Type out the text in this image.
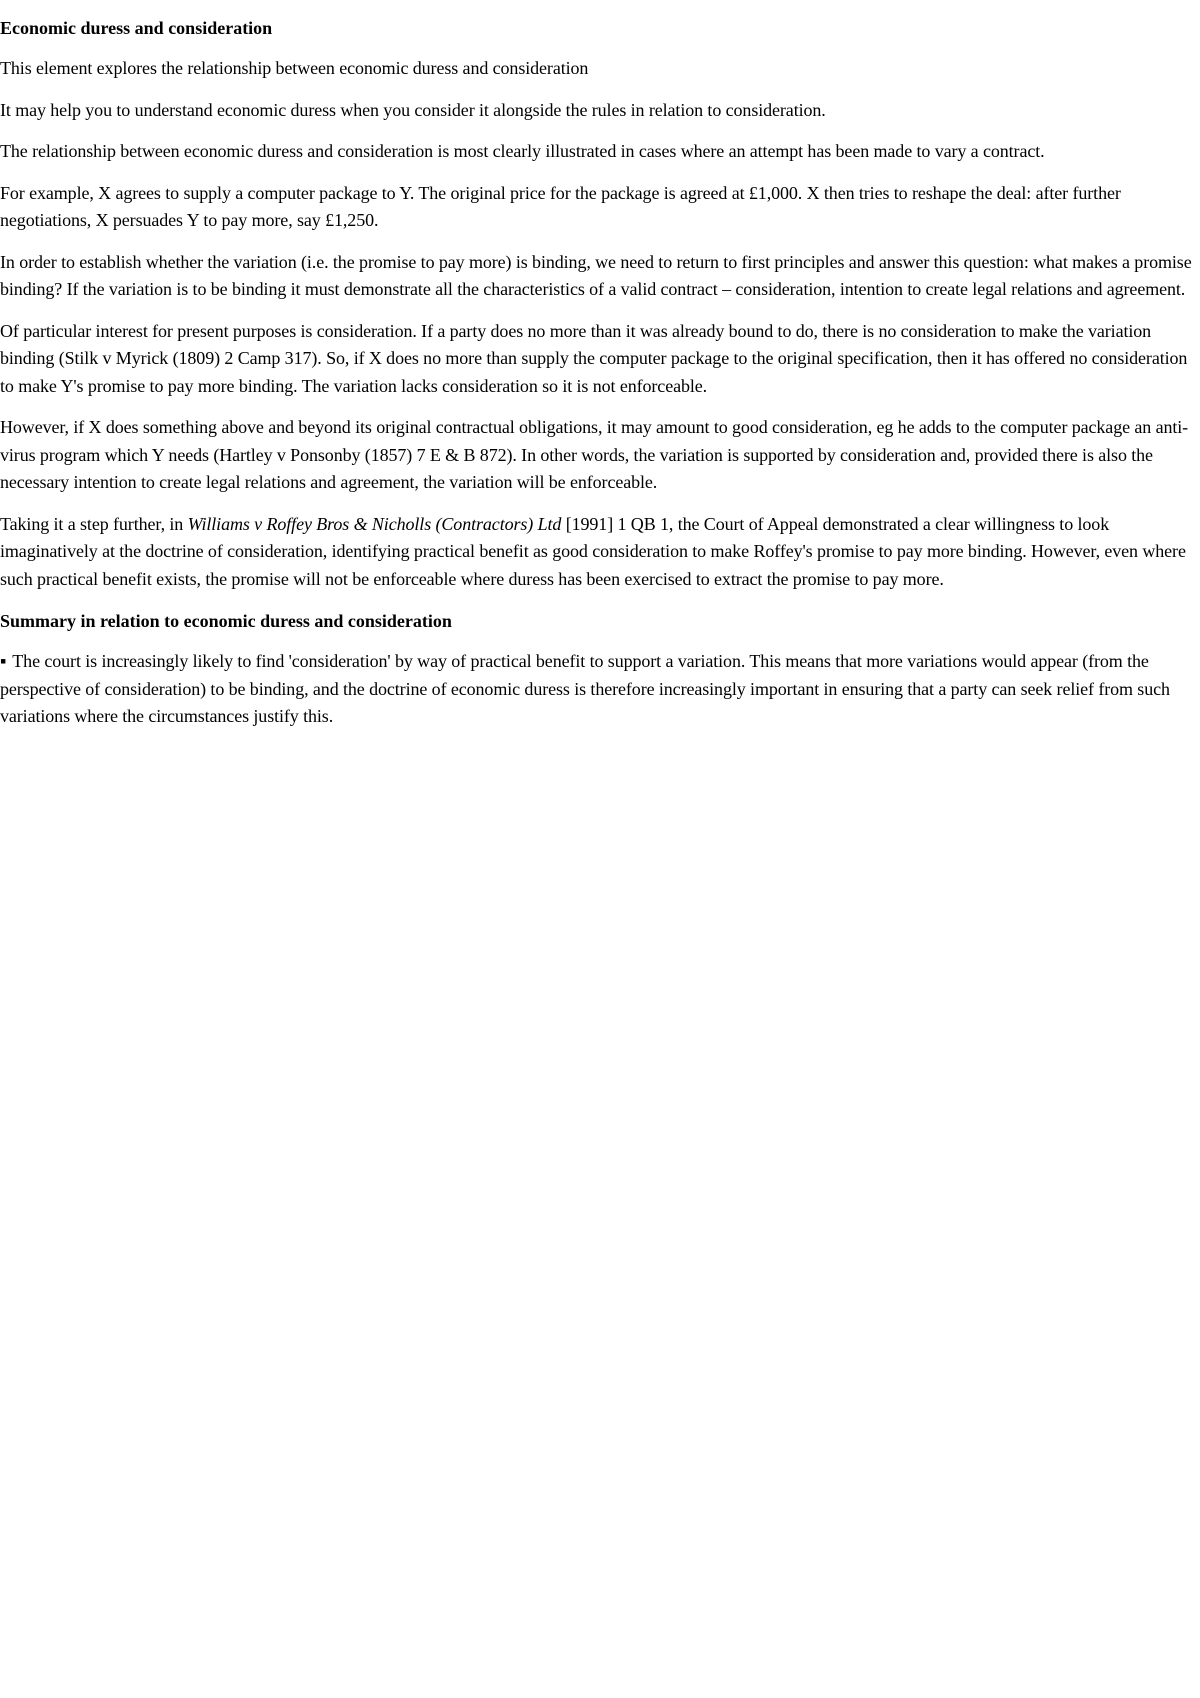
Economic duress and consideration

This element explores the relationship between economic duress and consideration

It may help you to understand economic duress when you consider it alongside the rules in relation to consideration.

The relationship between economic duress and consideration is most clearly illustrated in cases where an attempt has been made to vary a contract.

For example, X agrees to supply a computer package to Y. The original price for the package is agreed at £1,000. X then tries to reshape the deal: after further negotiations, X persuades Y to pay more, say £1,250.

In order to establish whether the variation (i.e. the promise to pay more) is binding, we need to return to first principles and answer this question: what makes a promise binding? If the variation is to be binding it must demonstrate all the characteristics of a valid contract – consideration, intention to create legal relations and agreement.

Of particular interest for present purposes is consideration. If a party does no more than it was already bound to do, there is no consideration to make the variation binding (Stilk v Myrick (1809) 2 Camp 317). So, if X does no more than supply the computer package to the original specification, then it has offered no consideration to make Y's promise to pay more binding. The variation lacks consideration so it is not enforceable.

However, if X does something above and beyond its original contractual obligations, it may amount to good consideration, eg he adds to the computer package an anti-virus program which Y needs (Hartley v Ponsonby (1857) 7 E & B 872). In other words, the variation is supported by consideration and, provided there is also the necessary intention to create legal relations and agreement, the variation will be enforceable.

Taking it a step further, in Williams v Roffey Bros & Nicholls (Contractors) Ltd [1991] 1 QB 1, the Court of Appeal demonstrated a clear willingness to look imaginatively at the doctrine of consideration, identifying practical benefit as good consideration to make Roffey's promise to pay more binding. However, even where such practical benefit exists, the promise will not be enforceable where duress has been exercised to extract the promise to pay more.

Summary in relation to economic duress and consideration

▪ The court is increasingly likely to find 'consideration' by way of practical benefit to support a variation. This means that more variations would appear (from the perspective of consideration) to be binding, and the doctrine of economic duress is therefore increasingly important in ensuring that a party can seek relief from such variations where the circumstances justify this.
